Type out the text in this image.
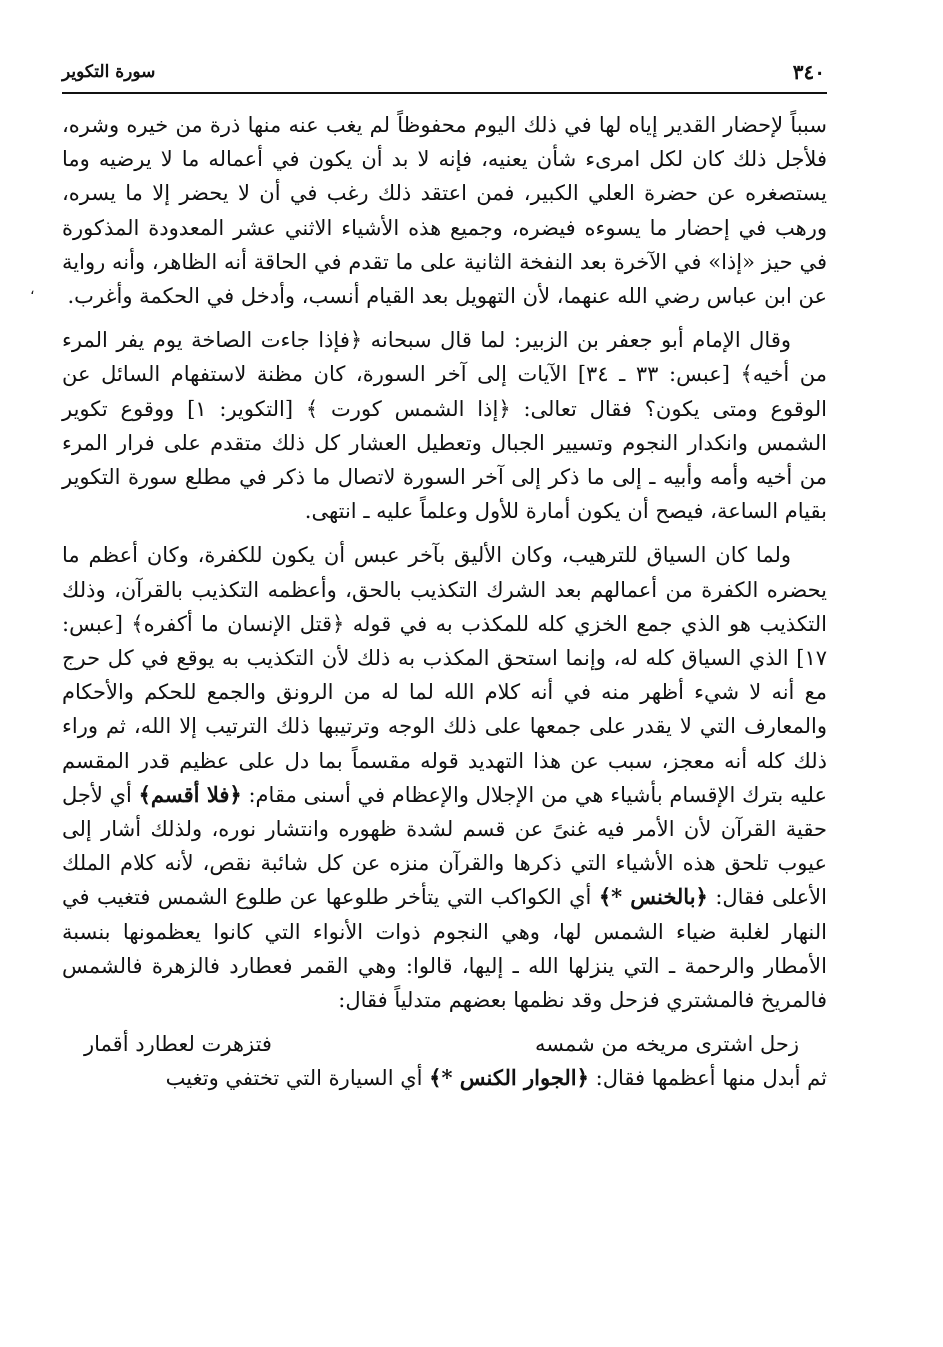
٣٤٠
سورة التكوير
،

سبباً لإحضار القدير إياه لها في ذلك اليوم محفوظاً لم يغب عنه منها ذرة من خيره وشره، فلأجل ذلك كان لكل امرىء شأن يعنيه، فإنه لا بد أن يكون في أعماله ما لا يرضيه وما يستصغره عن حضرة العلي الكبير، فمن اعتقد ذلك رغب في أن لا يحضر إلا ما يسره، ورهب في إحضار ما يسوءه فيضره، وجميع هذه الأشياء الاثني عشر المعدودة المذكورة في حيز «إذا» في الآخرة بعد النفخة الثانية على ما تقدم في الحاقة أنه الظاهر، وأنه رواية عن ابن عباس رضي الله عنهما، لأن التهويل بعد القيام أنسب، وأدخل في الحكمة وأغرب.

وقال الإمام أبو جعفر بن الزبير: لما قال سبحانه ﴿فإذا جاءت الصاخة يوم يفر المرء من أخيه﴾ [عبس: ٣٣ ـ ٣٤] الآيات إلى آخر السورة، كان مظنة لاستفهام السائل عن الوقوع ومتى يكون؟ فقال تعالى: ﴿إذا الشمس كورت ﴾ [التكوير: ١] ووقوع تكوير الشمس وانكدار النجوم وتسيير الجبال وتعطيل العشار كل ذلك متقدم على فرار المرء من أخيه وأمه وأبيه ـ إلى ما ذكر إلى آخر السورة لاتصال ما ذكر في مطلع سورة التكوير بقيام الساعة، فيصح أن يكون أمارة للأول وعلماً عليه ـ انتهى.

ولما كان السياق للترهيب، وكان الأليق بآخر عبس أن يكون للكفرة، وكان أعظم ما يحضره الكفرة من أعمالهم بعد الشرك التكذيب بالحق، وأعظمه التكذيب بالقرآن، وذلك التكذيب هو الذي جمع الخزي كله للمكذب به في قوله ﴿قتل الإنسان ما أكفره﴾ [عبس: ١٧] الذي السياق كله له، وإنما استحق المكذب به ذلك لأن التكذيب به يوقع في كل حرج مع أنه لا شيء أظهر منه في أنه كلام الله لما له من الرونق والجمع للحكم والأحكام والمعارف التي لا يقدر على جمعها على ذلك الوجه وترتيبها ذلك الترتيب إلا الله، ثم وراء ذلك كله أنه معجز، سبب عن هذا التهديد قوله مقسماً بما دل على عظيم قدر المقسم عليه بترك الإقسام بأشياء هي من الإجلال والإعظام في أسنى مقام: ﴿فلا أقسم﴾ أي لأجل حقية القرآن لأن الأمر فيه غنىً عن قسم لشدة ظهوره وانتشار نوره، ولذلك أشار إلى عيوب تلحق هذه الأشياء التي ذكرها والقرآن منزه عن كل شائبة نقص، لأنه كلام الملك الأعلى فقال: ﴿بالخنس *﴾ أي الكواكب التي يتأخر طلوعها عن طلوع الشمس فتغيب في النهار لغلبة ضياء الشمس لها، وهي النجوم ذوات الأنواء التي كانوا يعظمونها بنسبة الأمطار والرحمة ـ التي ينزلها الله ـ إليها، قالوا: وهي القمر فعطارد فالزهرة فالشمس فالمريخ فالمشتري فزحل وقد نظمها بعضهم متدلياً فقال:

زحل اشترى مريخه من شمسه
فتزهرت لعطارد أقمار

ثم أبدل منها أعظمها فقال: ﴿الجوار الكنس *﴾ أي السيارة التي تختفي وتغيب
